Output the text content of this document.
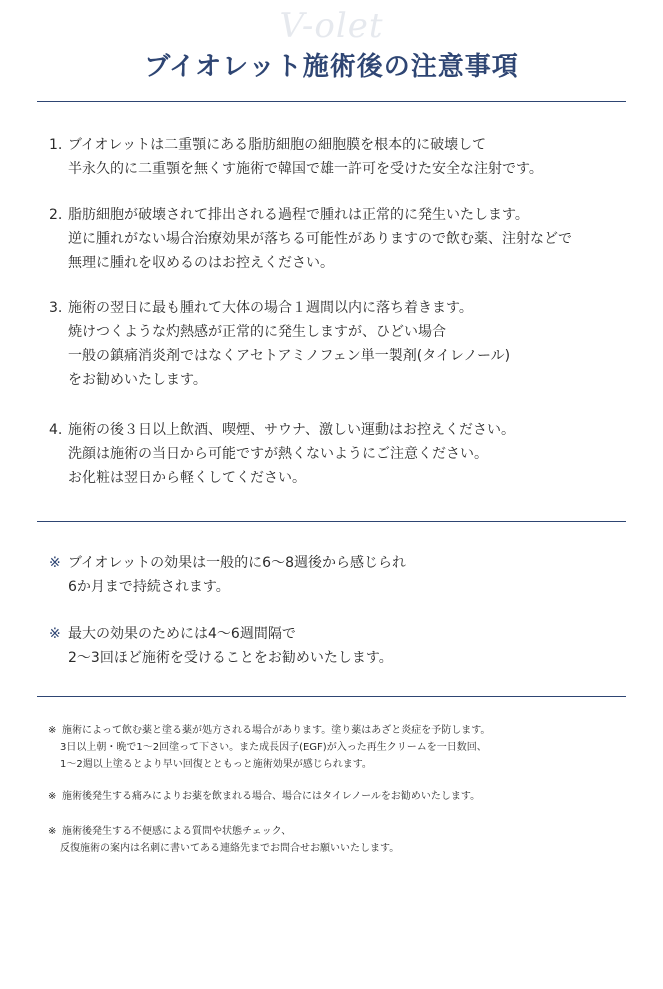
V-olet
ブイオレット施術後の注意事項
1. ブイオレットは二重顎にある脂肪細胞の細胞膜を根本的に破壊して
半永久的に二重顎を無くす施術で韓国で雄一許可を受けた安全な注射です。
2. 脂肪細胞が破壊されて排出される過程で腫れは正常的に発生いたします。
逆に腫れがない場合治療効果が落ちる可能性がありますので飲む薬、注射などで
無理に腫れを収めるのはお控えください。
3. 施術の翌日に最も腫れて大体の場合１週間以内に落ち着きます。
焼けつくような灼熱感が正常的に発生しますが、ひどい場合
一般の鎮痛消炎剤ではなくアセトアミノフェン単一製剤(タイレノール)
をお勧めいたします。
4. 施術の後３日以上飲酒、喫煙、サウナ、激しい運動はお控えください。
洗顔は施術の当日から可能ですが熱くないようにご注意ください。
お化粧は翌日から軽くしてください。
※ ブイオレットの効果は一般的に6～8週後から感じられ
6か月まで持続されます。
※ 最大の効果のためには4～6週間隔で
2～3回ほど施術を受けることをお勧めいたします。
※ 施術によって飲む薬と塗る薬が処方される場合があります。塗り薬はあざと炎症を予防します。
3日以上朝・晩で1～2回塗って下さい。また成長因子(EGF)が入った再生クリームを一日数回、
1～2週以上塗るとより早い回復とともっと施術効果が感じられます。
※ 施術後発生する痛みによりお薬を飲まれる場合、場合にはタイレノールをお勧めいたします。
※ 施術後発生する不便感による質問や状態チェック、
反復施術の案内は名刺に書いてある連絡先までお問合せお願いいたします。
